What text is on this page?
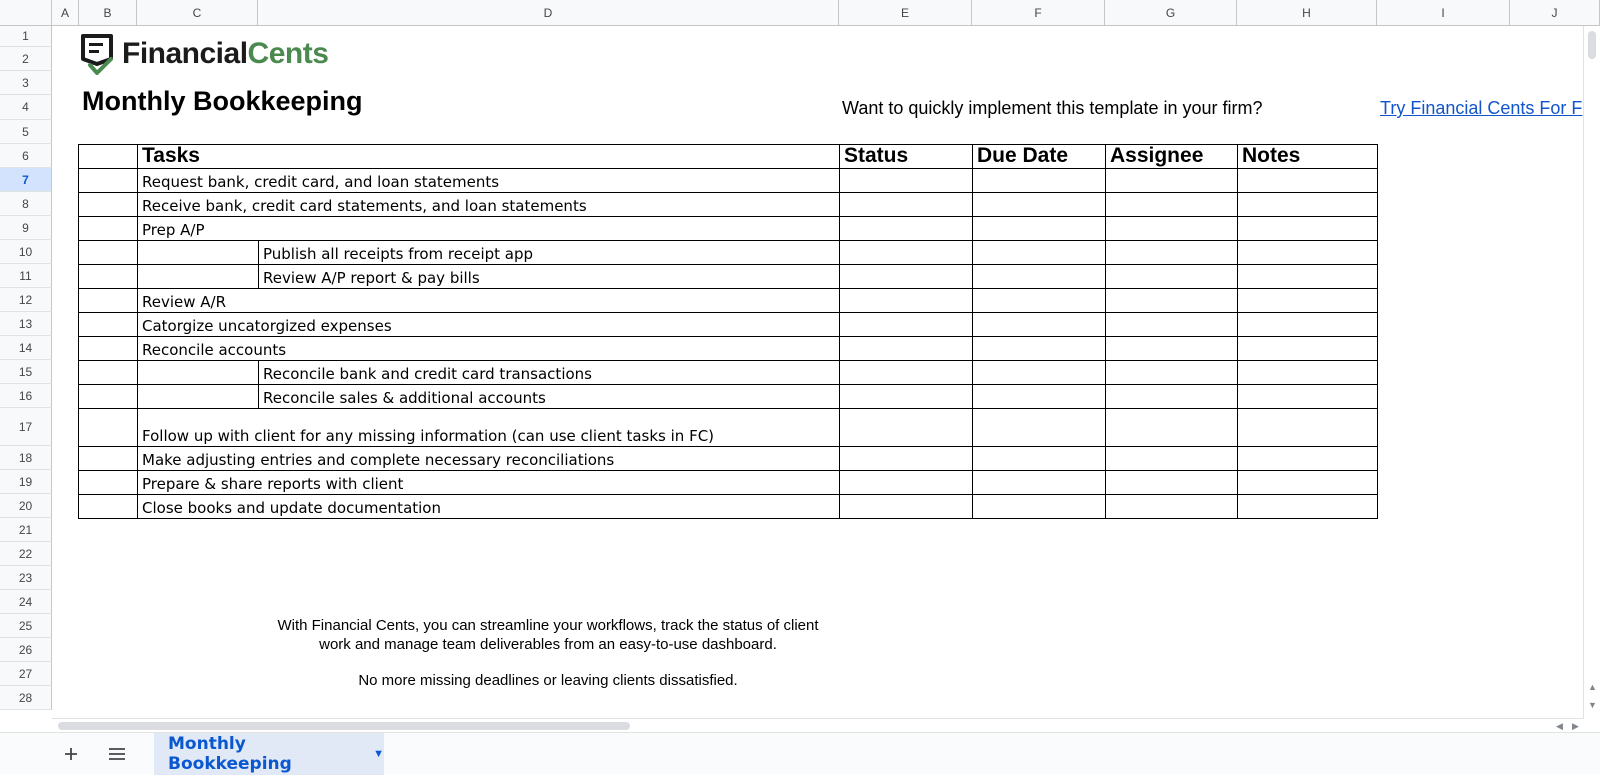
A	B	C	D	E	F	G	H	I	J
1
2
3
4
5
6
7
8
9
10
11
12
13
14
15
16
17
18
19
20
21
22
23
24
25
26
27
28
FinancialCents
Monthly Bookkeeping	Want to quickly implement this template in your firm?	Try Financial Cents For F
Tasks	Status	Due Date	Assignee	Notes
Request bank, credit card, and loan statements
Receive bank, credit card statements, and loan statements
Prep A/P
Publish all receipts from receipt app
Review A/P report & pay bills
Review A/R
Catorgize uncatorgized expenses
Reconcile accounts
Reconcile bank and credit card transactions
Reconcile sales & additional accounts
Follow up with client for any missing information (can use client tasks in FC)
Make adjusting entries and complete necessary reconciliations
Prepare & share reports with client
Close books and update documentation
With Financial Cents, you can streamline your workflows, track the status of client
work and manage team deliverables from an easy-to-use dashboard.
No more missing deadlines or leaving clients dissatisfied.	▲
▼
◀ ▶
Monthly Bookkeeping	▼
